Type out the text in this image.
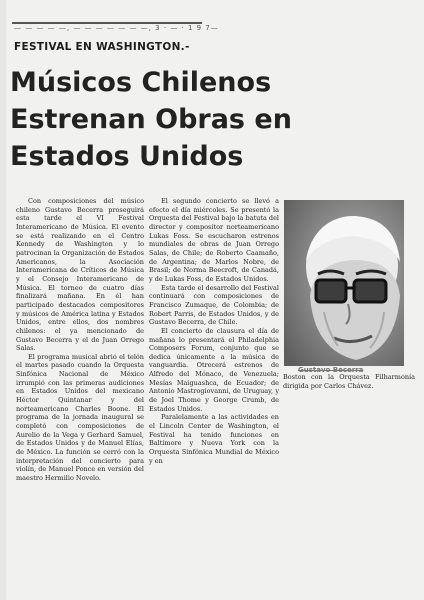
— — — — —, — — — — — — —, 3 · — · 1 9 7—
FESTIVAL EN WASHINGTON.-
Músicos Chilenos
Estrenan Obras en
Estados Unidos

Con composiciones del músico chileno Gustavo Becerra proseguirá esta tarde el VI Festival Interamericano de Música. El evento se está realizando en el Centro Kennedy de Washington y lo patrocinan la Organización de Estados Americanos, la Asociación Interamericana de Críticos de Música y el Consejo Interamericano de Música. El torneo de cuatro días finalizará mañana. En él han participado destacados compositores y músicos de América latina y Estados Unidos, entre ellos, dos nombres chilenos: el ya mencionado de Gustavo Becerra y el de Juan Orrego Salas.

El programa musical abrió el telón el martes pasado cuando la Orquesta Sinfónica Nacional de México irrumpió con las primeras audiciones en Estados Unidos del mexicano Héctor Quintanar y del norteamericano Charles Boone. El programa de la jornada inaugural se completó con composiciones de Aurelio de la Vega y Gerhard Samuel, de Estados Unidos y de Manuel Elías, de México. La función se cerró con la interpretación del concierto para violín, de Manuel Ponce en versión del maestro Hermilio Novelo.

El segundo concierto se llevó a efecto el día miércoles. Se presentó la Orquesta del Festival bajo la batuta del director y compositor norteamericano Lukas Foss. Se escucharon estrenos mundiales de obras de Juan Orrego Salas, de Chile; de Roberto Caamaño, de Argentina; de Marlos Nobre, de Brasil; de Norma Beecroft, de Canadá, y de Lukas Foss, de Estados Unidos.

Esta tarde el desarrollo del Festival continuará con composiciones de Francisco Zumaque, de Colombia; de Robert Parris, de Estados Unidos, y de Gustavo Becerra, de Chile.

El concierto de clausura el día de mañana lo presentará el Philadelphia Composers Forum, conjunto que se dedica únicamente a la música de vanguardia. Otrecerá estrenos de Alfredo del Mónaco, de Venezuela; Mesías Maiguashca, de Ecuador; de Antonio Mastrogiovanni, de Uruguay, y de Joel Thome y George Crumb, de Estados Unidos.

Paralelamente a las actividades en el Lincoln Center de Washington, el Festival ha tenido funciones en Baltimore y Nueva York con la Orquesta Sinfónica Mundial de México y en

Gustavo Becerra

Boston con la Orquesta Filharmonía dirigida por Carlos Chávez.
